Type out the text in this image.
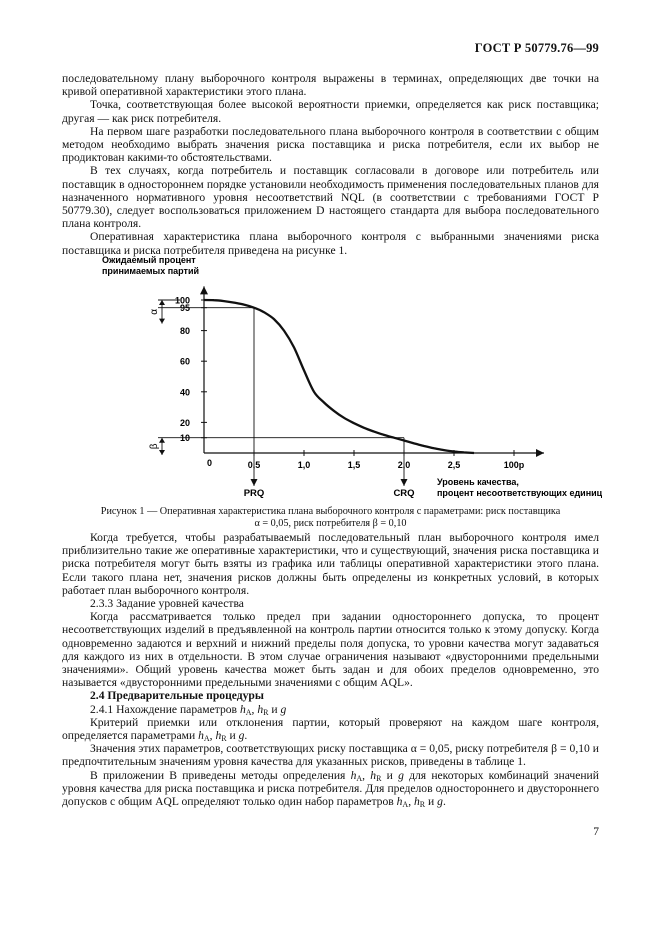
ГОСТ Р 50779.76—99

последовательному плану выборочного контроля выражены в терминах, определяющих две точки на кривой оперативной характеристики этого плана.

Точка, соответствующая более высокой вероятности приемки, определяется как риск поставщика; другая — как риск потребителя.

На первом шаге разработки последовательного плана выборочного контроля в соответствии с общим методом необходимо выбрать значения риска поставщика и риска потребителя, если их выбор не продиктован какими-то обстоятельствами.

В тех случаях, когда потребитель и поставщик согласовали в договоре или потребитель или поставщик в одностороннем порядке установили необходимость применения последовательных планов для назначенного нормативного уровня несоответствий NQL (в соответствии с требованиями ГОСТ Р 50779.30), следует воспользоваться приложением D настоящего стандарта для выбора последовательного плана контроля.

Оперативная характеристика плана выборочного контроля с выбранными значениями риска поставщика и риска потребителя приведена на рисунке 1.

Ожидаемый процент
принимаемых партий
100
95
80
60
40
20
10
0	0,5	1,0	1,5	2,0	2,5	100p
PRQ	CRQ
α
β
Уровень качества,
процент несоответствующих единиц
Рисунок 1 — Оперативная характеристика плана выборочного контроля с параметрами: риск поставщика
α = 0,05, риск потребителя β = 0,10

Когда требуется, чтобы разрабатываемый последовательный план выборочного контроля имел приблизительно такие же оперативные характеристики, что и существующий, значения риска поставщика и риска потребителя могут быть взяты из графика или таблицы оперативной характеристики этого плана. Если такого плана нет, значения рисков должны быть определены из конкретных условий, в которых работает план выборочного контроля.

2.3.3 Задание уровней качества

Когда рассматривается только предел при задании одностороннего допуска, то процент несоответствующих изделий в предъявленной на контроль партии относится только к этому допуску. Когда одновременно задаются и верхний и нижний пределы поля допуска, то уровни качества могут задаваться для каждого из них в отдельности. В этом случае ограничения называют «двусторонними предельными значениями». Общий уровень качества может быть задан и для обоих пределов одновременно, это называется «двусторонними предельными значениями с общим AQL».

2.4 Предварительные процедуры

2.4.1 Нахождение параметров $h_A$, $h_R$ и g

Критерий приемки или отклонения партии, который проверяют на каждом шаге контроля, определяется параметрами $h_A$, $h_R$ и g.

Значения этих параметров, соответствующих риску поставщика α = 0,05, риску потребителя β = 0,10 и предпочтительным значениям уровня качества для указанных рисков, приведены в таблице 1.

В приложении В приведены методы определения $h_A$, $h_R$ и g для некоторых комбинаций значений уровня качества для риска поставщика и риска потребителя. Для пределов одностороннего и двустороннего допусков с общим AQL определяют только один набор параметров $h_A$, $h_R$ и g.

7
